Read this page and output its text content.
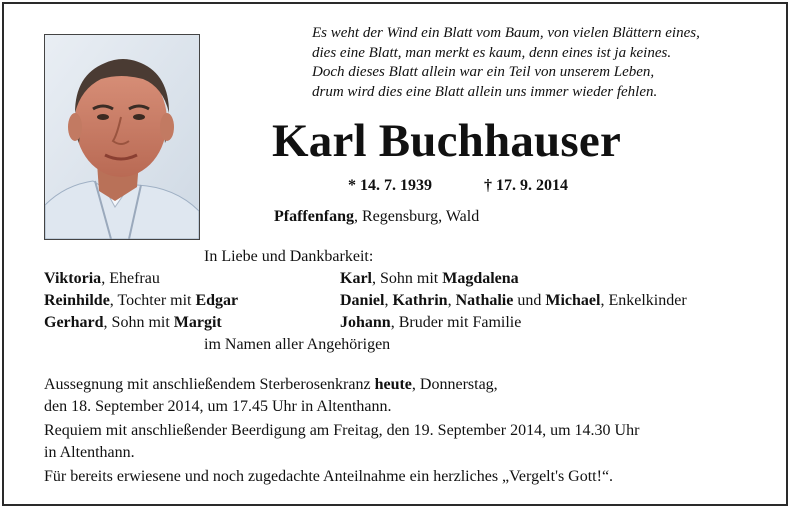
Es weht der Wind ein Blatt vom Baum, von vielen Blättern eines,
dies eine Blatt, man merkt es kaum, denn eines ist ja keines.
Doch dieses Blatt allein war ein Teil von unserem Leben,
drum wird dies eine Blatt allein uns immer wieder fehlen.
Karl Buchhauser
* 14. 7. 1939	† 17. 9. 2014
Pfaffenfang, Regensburg, Wald
In Liebe und Dankbarkeit:
Viktoria, Ehefrau
Reinhilde, Tochter mit Edgar
Gerhard, Sohn mit Margit
Karl, Sohn mit Magdalena
Daniel, Kathrin, Nathalie und Michael, Enkelkinder
Johann, Bruder mit Familie
im Namen aller Angehörigen
Aussegnung mit anschließendem Sterberosenkranz heute, Donnerstag,
den 18. September 2014, um 17.45 Uhr in Altenthann.
Requiem mit anschließender Beerdigung am Freitag, den 19. September 2014, um 14.30 Uhr
in Altenthann.
Für bereits erwiesene und noch zugedachte Anteilnahme ein herzliches „Vergelt's Gott!“.
